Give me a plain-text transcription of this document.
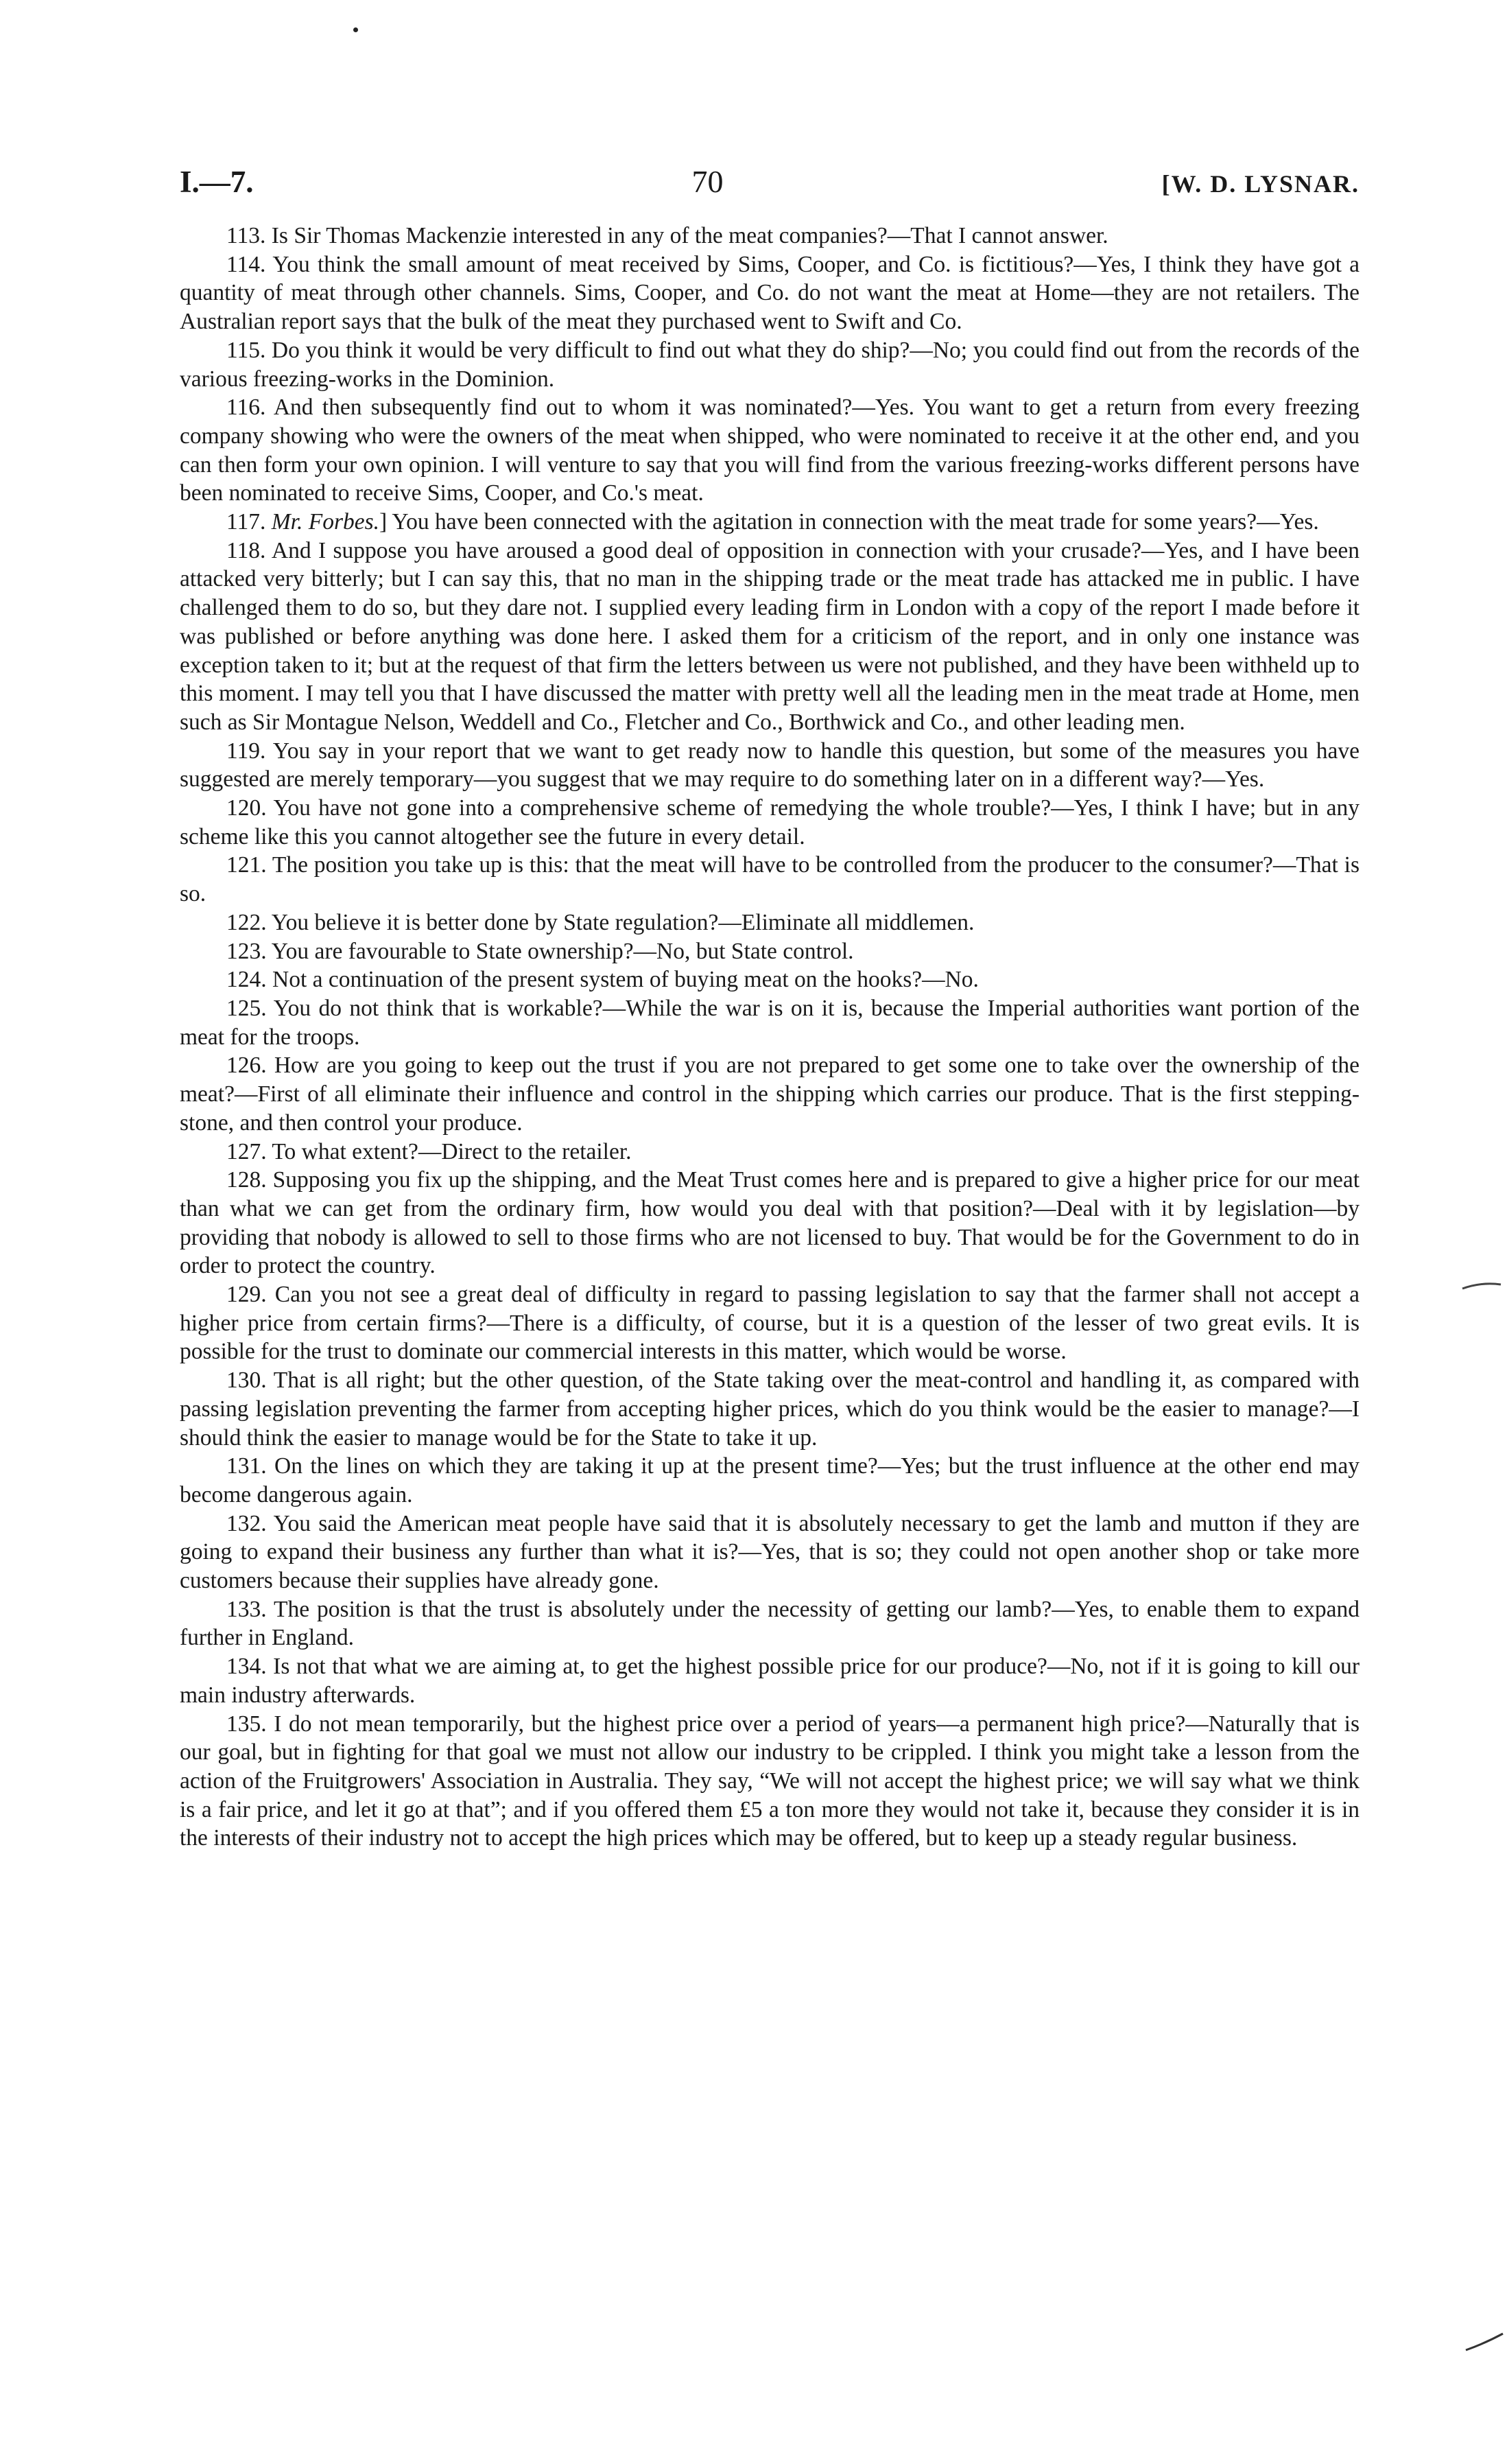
I.—7.	70	[W. D. LYSNAR.

113. Is Sir Thomas Mackenzie interested in any of the meat companies?—That I cannot answer.

114. You think the small amount of meat received by Sims, Cooper, and Co. is fictitious?—Yes, I think they have got a quantity of meat through other channels. Sims, Cooper, and Co. do not want the meat at Home—they are not retailers. The Australian report says that the bulk of the meat they purchased went to Swift and Co.

115. Do you think it would be very difficult to find out what they do ship?—No; you could find out from the records of the various freezing-works in the Dominion.

116. And then subsequently find out to whom it was nominated?—Yes. You want to get a return from every freezing company showing who were the owners of the meat when shipped, who were nominated to receive it at the other end, and you can then form your own opinion. I will venture to say that you will find from the various freezing-works different persons have been nominated to receive Sims, Cooper, and Co.'s meat.

117. Mr. Forbes.] You have been connected with the agitation in connection with the meat trade for some years?—Yes.

118. And I suppose you have aroused a good deal of opposition in connection with your crusade?—Yes, and I have been attacked very bitterly; but I can say this, that no man in the shipping trade or the meat trade has attacked me in public. I have challenged them to do so, but they dare not. I supplied every leading firm in London with a copy of the report I made before it was published or before anything was done here. I asked them for a criticism of the report, and in only one instance was exception taken to it; but at the request of that firm the letters between us were not published, and they have been withheld up to this moment. I may tell you that I have discussed the matter with pretty well all the leading men in the meat trade at Home, men such as Sir Montague Nelson, Weddell and Co., Fletcher and Co., Borthwick and Co., and other leading men.

119. You say in your report that we want to get ready now to handle this question, but some of the measures you have suggested are merely temporary—you suggest that we may require to do something later on in a different way?—Yes.

120. You have not gone into a comprehensive scheme of remedying the whole trouble?—Yes, I think I have; but in any scheme like this you cannot altogether see the future in every detail.

121. The position you take up is this: that the meat will have to be controlled from the producer to the consumer?—That is so.

122. You believe it is better done by State regulation?—Eliminate all middlemen.

123. You are favourable to State ownership?—No, but State control.

124. Not a continuation of the present system of buying meat on the hooks?—No.

125. You do not think that is workable?—While the war is on it is, because the Imperial authorities want portion of the meat for the troops.

126. How are you going to keep out the trust if you are not prepared to get some one to take over the ownership of the meat?—First of all eliminate their influence and control in the shipping which carries our produce. That is the first stepping-stone, and then control your produce.

127. To what extent?—Direct to the retailer.

128. Supposing you fix up the shipping, and the Meat Trust comes here and is prepared to give a higher price for our meat than what we can get from the ordinary firm, how would you deal with that position?—Deal with it by legislation—by providing that nobody is allowed to sell to those firms who are not licensed to buy. That would be for the Government to do in order to protect the country.

129. Can you not see a great deal of difficulty in regard to passing legislation to say that the farmer shall not accept a higher price from certain firms?—There is a difficulty, of course, but it is a question of the lesser of two great evils. It is possible for the trust to dominate our commercial interests in this matter, which would be worse.

130. That is all right; but the other question, of the State taking over the meat-control and handling it, as compared with passing legislation preventing the farmer from accepting higher prices, which do you think would be the easier to manage?—I should think the easier to manage would be for the State to take it up.

131. On the lines on which they are taking it up at the present time?—Yes; but the trust influence at the other end may become dangerous again.

132. You said the American meat people have said that it is absolutely necessary to get the lamb and mutton if they are going to expand their business any further than what it is?—Yes, that is so; they could not open another shop or take more customers because their supplies have already gone.

133. The position is that the trust is absolutely under the necessity of getting our lamb?—Yes, to enable them to expand further in England.

134. Is not that what we are aiming at, to get the highest possible price for our produce?—No, not if it is going to kill our main industry afterwards.

135. I do not mean temporarily, but the highest price over a period of years—a permanent high price?—Naturally that is our goal, but in fighting for that goal we must not allow our industry to be crippled. I think you might take a lesson from the action of the Fruitgrowers' Association in Australia. They say, “We will not accept the highest price; we will say what we think is a fair price, and let it go at that”; and if you offered them £5 a ton more they would not take it, because they consider it is in the interests of their industry not to accept the high prices which may be offered, but to keep up a steady regular business.
